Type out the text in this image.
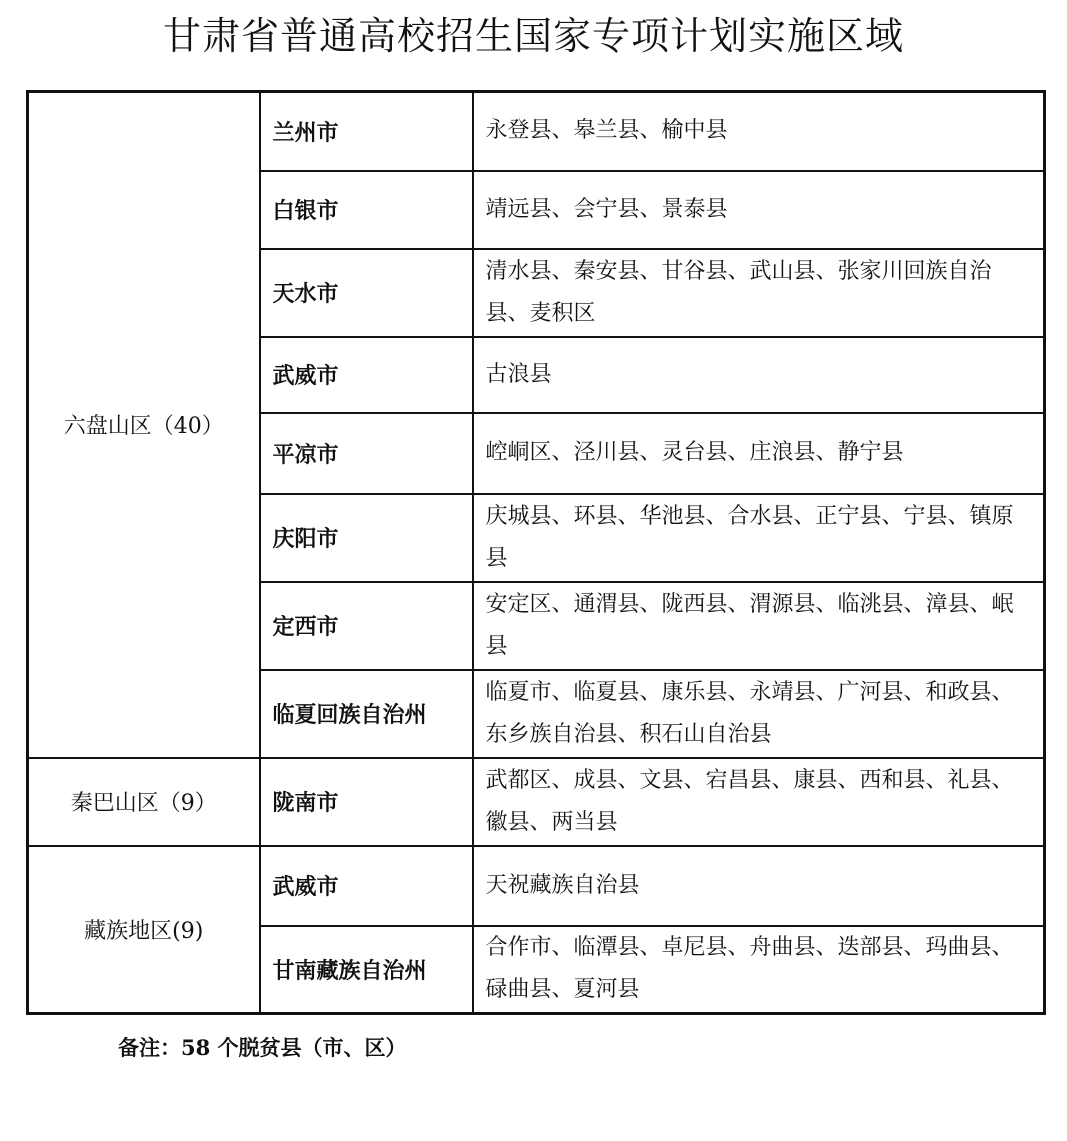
甘肃省普通高校招生国家专项计划实施区域
六盘山区（40）	兰州市	永登县、皋兰县、榆中县
	白银市	靖远县、会宁县、景泰县
	天水市	清水县、秦安县、甘谷县、武山县、张家川回族自治县、麦积区
	武威市	古浪县
	平凉市	崆峒区、泾川县、灵台县、庄浪县、静宁县
	庆阳市	庆城县、环县、华池县、合水县、正宁县、宁县、镇原县
	定西市	安定区、通渭县、陇西县、渭源县、临洮县、漳县、岷县
	临夏回族自治州	临夏市、临夏县、康乐县、永靖县、广河县、和政县、东乡族自治县、积石山自治县
秦巴山区（9）	陇南市	武都区、成县、文县、宕昌县、康县、西和县、礼县、徽县、两当县
藏族地区(9)	武威市	天祝藏族自治县
	甘南藏族自治州	合作市、临潭县、卓尼县、舟曲县、迭部县、玛曲县、碌曲县、夏河县
备注：58 个脱贫县（市、区）
